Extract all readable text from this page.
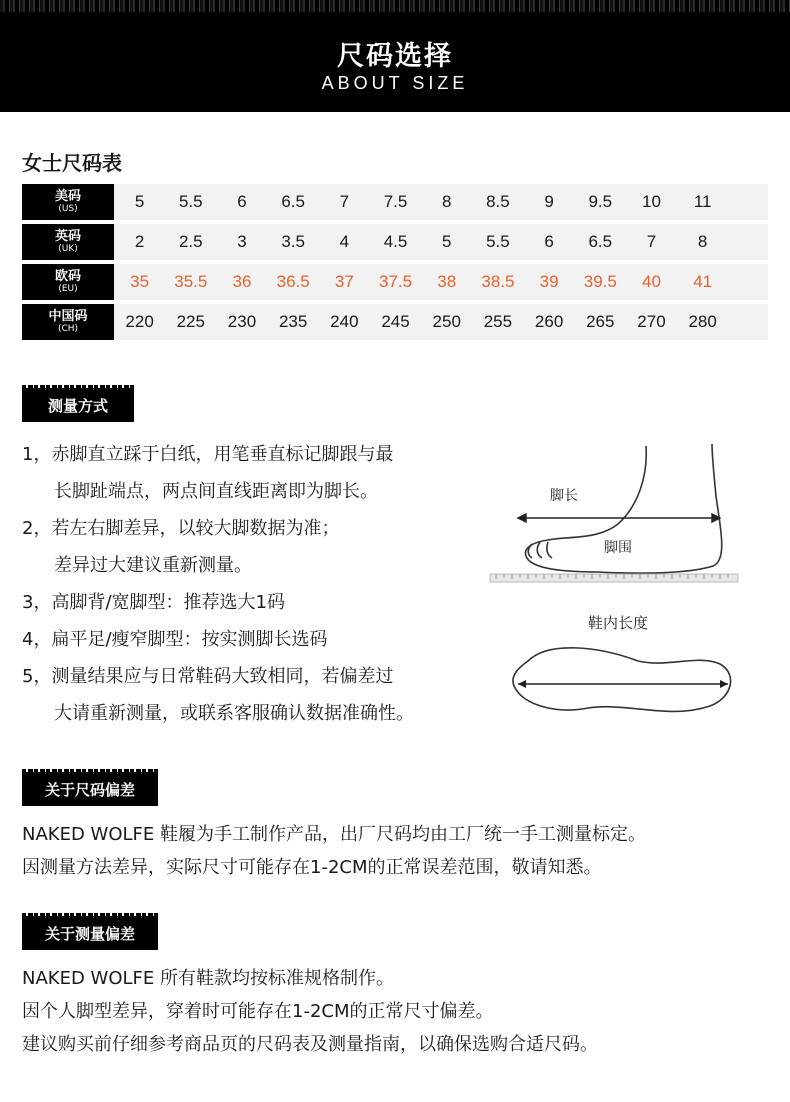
尺码选择
ABOUT SIZE
女士尺码表
美码
(US)	5	5.5	6	6.5	7	7.5	8	8.5	9	9.5	10	11
英码
(UK)	2	2.5	3	3.5	4	4.5	5	5.5	6	6.5	7	8
欧码
(EU)	35	35.5	36	36.5	37	37.5	38	38.5	39	39.5	40	41
中国码
(CH)	220	225	230	235	240	245	250	255	260	265	270	280
测量方式
1，赤脚直立踩于白纸，用笔垂直标记脚跟与最
长脚趾端点，两点间直线距离即为脚长。
2，若左右脚差异，以较大脚数据为准；
差异过大建议重新测量。
3，高脚背/宽脚型：推荐选大1码
4，扁平足/瘦窄脚型：按实测脚长选码
5，测量结果应与日常鞋码大致相同，若偏差过
大请重新测量，或联系客服确认数据准确性。
脚长
脚围
鞋内长度
关于尺码偏差
NAKED WOLFE 鞋履为手工制作产品，出厂尺码均由工厂统一手工测量标定。
因测量方法差异，实际尺寸可能存在1-2CM的正常误差范围，敬请知悉。
关于测量偏差
NAKED WOLFE 所有鞋款均按标准规格制作。
因个人脚型差异，穿着时可能存在1-2CM的正常尺寸偏差。
建议购买前仔细参考商品页的尺码表及测量指南，以确保选购合适尺码。
